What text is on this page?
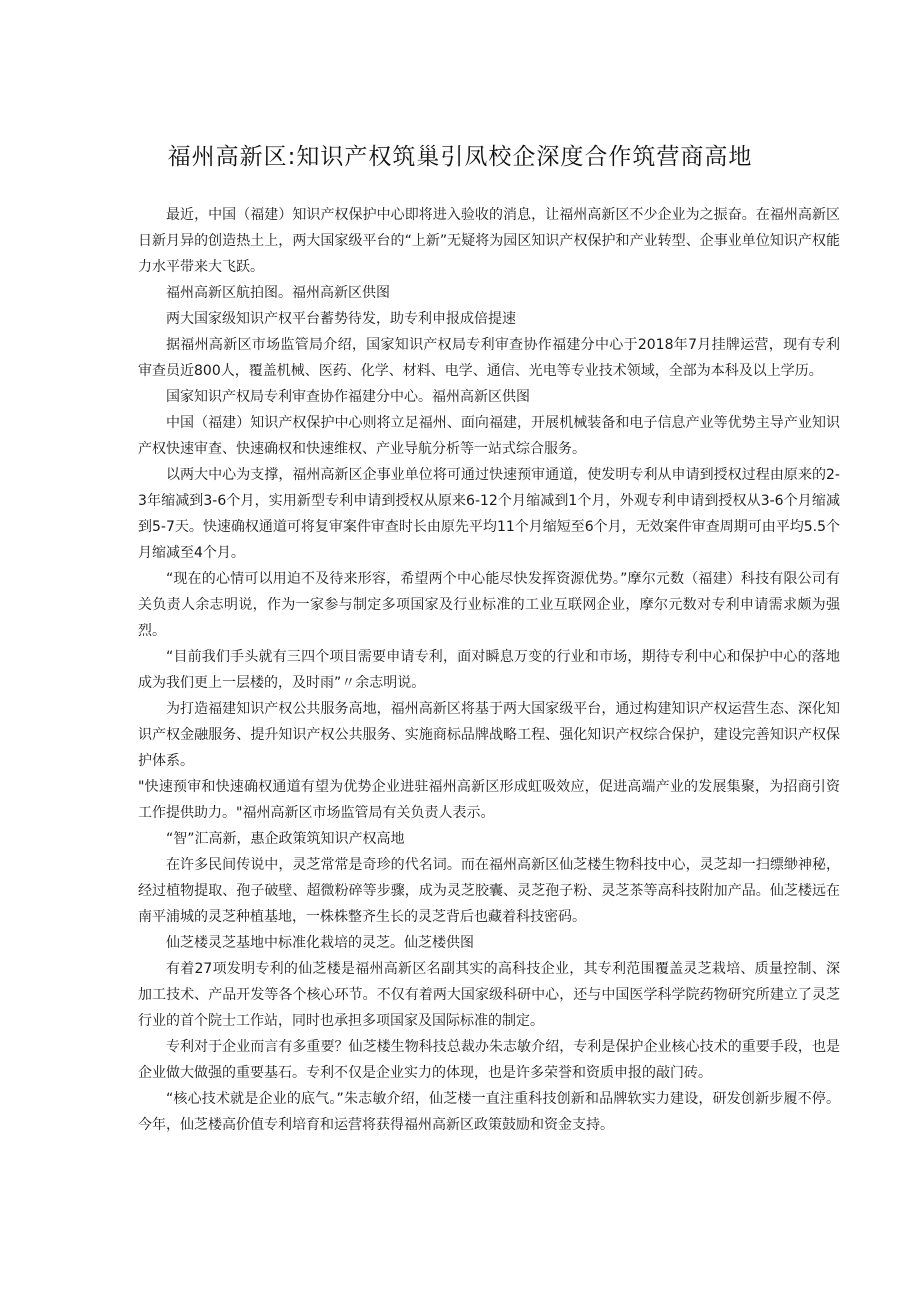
福州高新区:知识产权筑巢引凤校企深度合作筑营商高地

最近，中国（福建）知识产权保护中心即将进入验收的消息，让福州高新区不少企业为之振奋。在福州高新区日新月异的创造热土上，两大国家级平台的“上新”无疑将为园区知识产权保护和产业转型、企事业单位知识产权能力水平带来大飞跃。

福州高新区航拍图。福州高新区供图

两大国家级知识产权平台蓄势待发，助专利申报成倍提速

据福州高新区市场监管局介绍，国家知识产权局专利审查协作福建分中心于2018年7月挂牌运营，现有专利审查员近800人，覆盖机械、医药、化学、材料、电学、通信、光电等专业技术领域，全部为本科及以上学历。

国家知识产权局专利审查协作福建分中心。福州高新区供图

中国（福建）知识产权保护中心则将立足福州、面向福建，开展机械装备和电子信息产业等优势主导产业知识产权快速审查、快速确权和快速维权、产业导航分析等一站式综合服务。

以两大中心为支撑，福州高新区企事业单位将可通过快速预审通道，使发明专利从申请到授权过程由原来的2-3年缩减到3-6个月，实用新型专利申请到授权从原来6-12个月缩减到1个月，外观专利申请到授权从3-6个月缩减到5-7天。快速确权通道可将复审案件审查时长由原先平均11个月缩短至6个月，无效案件审查周期可由平均5.5个月缩减至4个月。

“现在的心情可以用迫不及待来形容，希望两个中心能尽快发挥资源优势。”摩尔元数（福建）科技有限公司有关负责人余志明说，作为一家参与制定多项国家及行业标准的工业互联网企业，摩尔元数对专利申请需求颇为强烈。

“目前我们手头就有三四个项目需要申请专利，面对瞬息万变的行业和市场，期待专利中心和保护中心的落地成为我们更上一层楼的，及时雨”〃余志明说。

为打造福建知识产权公共服务高地，福州高新区将基于两大国家级平台，通过构建知识产权运营生态、深化知识产权金融服务、提升知识产权公共服务、实施商标品牌战略工程、强化知识产权综合保护，建设完善知识产权保护体系。

"快速预审和快速确权通道有望为优势企业进驻福州高新区形成虹吸效应，促进高端产业的发展集聚，为招商引资工作提供助力。"福州高新区市场监管局有关负责人表示。

“智”汇高新，惠企政策筑知识产权高地

在许多民间传说中，灵芝常常是奇珍的代名词。而在福州高新区仙芝楼生物科技中心，灵芝却一扫缥缈神秘，经过植物提取、孢子破壁、超微粉碎等步骤，成为灵芝胶囊、灵芝孢子粉、灵芝茶等高科技附加产品。仙芝楼远在南平浦城的灵芝种植基地，一株株整齐生长的灵芝背后也藏着科技密码。

仙芝楼灵芝基地中标准化栽培的灵芝。仙芝楼供图

有着27项发明专利的仙芝楼是福州高新区名副其实的高科技企业，其专利范围覆盖灵芝栽培、质量控制、深加工技术、产品开发等各个核心环节。不仅有着两大国家级科研中心，还与中国医学科学院药物研究所建立了灵芝行业的首个院士工作站，同时也承担多项国家及国际标准的制定。

专利对于企业而言有多重要？仙芝楼生物科技总裁办朱志敏介绍，专利是保护企业核心技术的重要手段，也是企业做大做强的重要基石。专利不仅是企业实力的体现，也是许多荣誉和资质申报的敲门砖。

“核心技术就是企业的底气。”朱志敏介绍，仙芝楼一直注重科技创新和品牌软实力建设，研发创新步履不停。今年，仙芝楼高价值专利培育和运营将获得福州高新区政策鼓励和资金支持。
